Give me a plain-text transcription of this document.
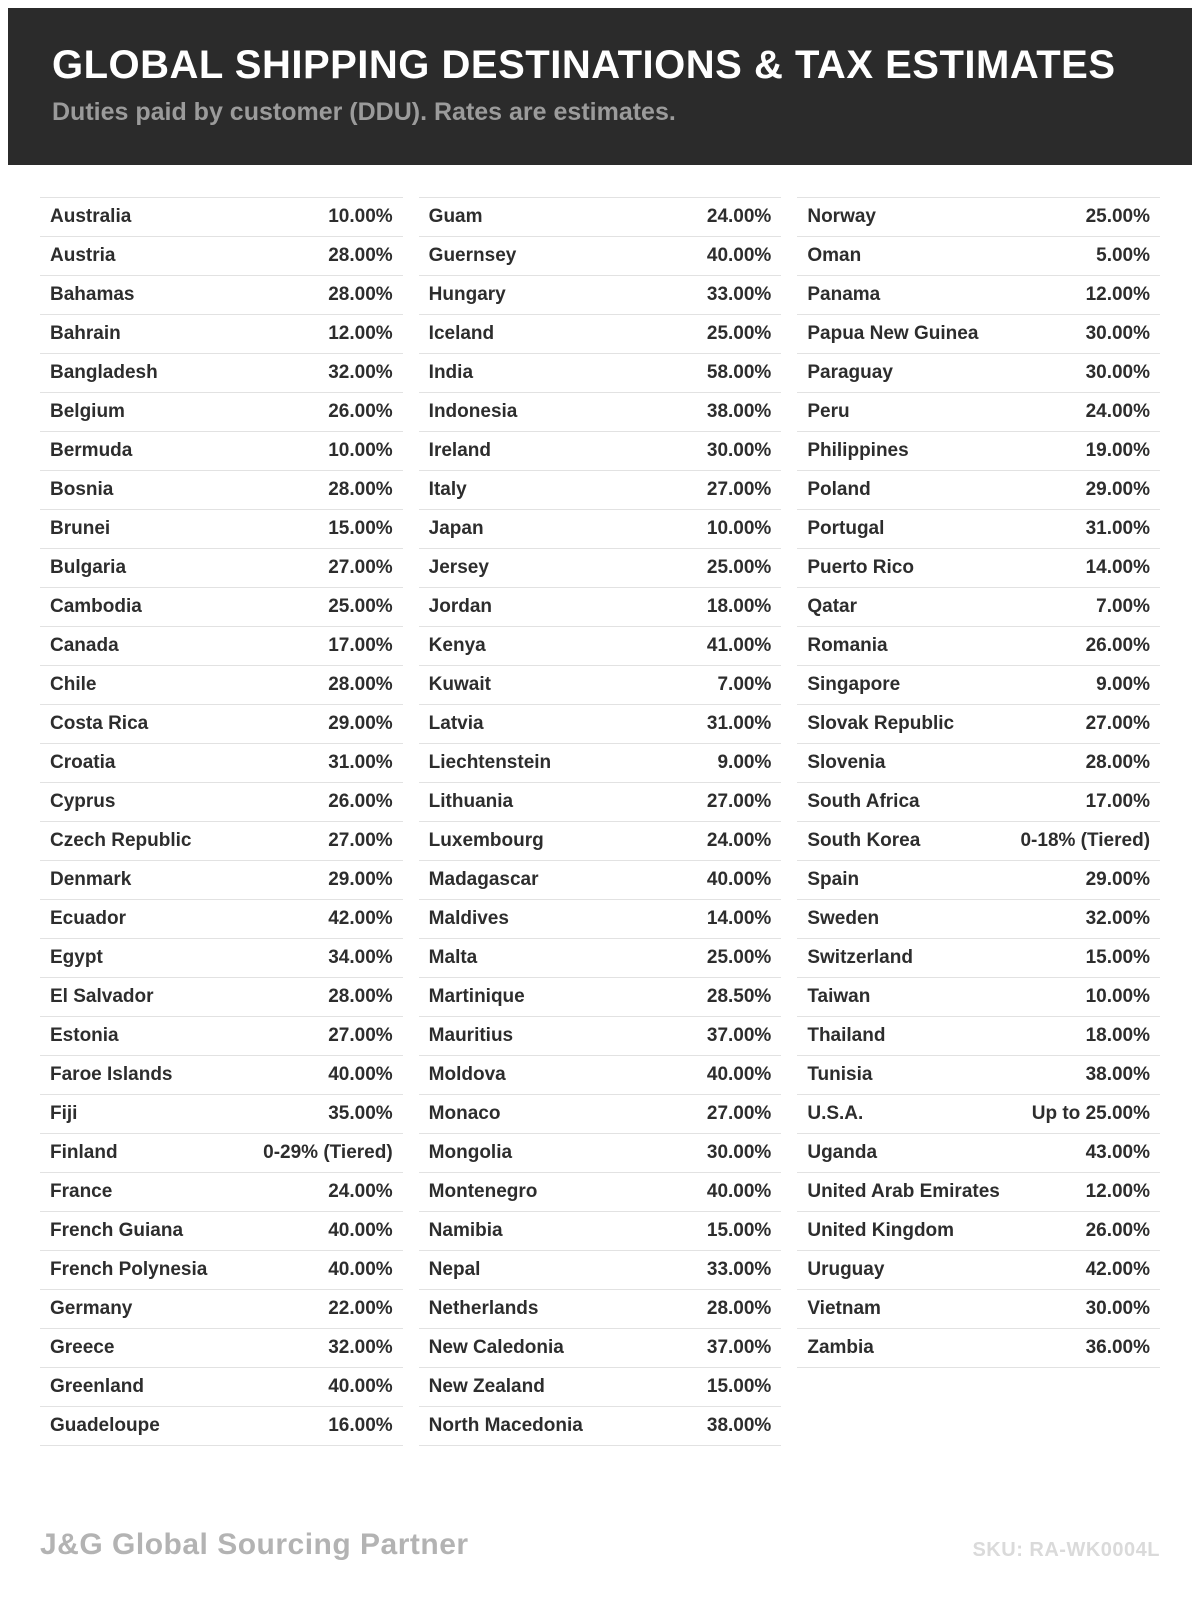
GLOBAL SHIPPING DESTINATIONS & TAX ESTIMATES

Duties paid by customer (DDU). Rates are estimates.

Australia	10.00%
Austria	28.00%
Bahamas	28.00%
Bahrain	12.00%
Bangladesh	32.00%
Belgium	26.00%
Bermuda	10.00%
Bosnia	28.00%
Brunei	15.00%
Bulgaria	27.00%
Cambodia	25.00%
Canada	17.00%
Chile	28.00%
Costa Rica	29.00%
Croatia	31.00%
Cyprus	26.00%
Czech Republic	27.00%
Denmark	29.00%
Ecuador	42.00%
Egypt	34.00%
El Salvador	28.00%
Estonia	27.00%
Faroe Islands	40.00%
Fiji	35.00%
Finland	0-29% (Tiered)
France	24.00%
French Guiana	40.00%
French Polynesia	40.00%
Germany	22.00%
Greece	32.00%
Greenland	40.00%
Guadeloupe	16.00%
Guam	24.00%
Guernsey	40.00%
Hungary	33.00%
Iceland	25.00%
India	58.00%
Indonesia	38.00%
Ireland	30.00%
Italy	27.00%
Japan	10.00%
Jersey	25.00%
Jordan	18.00%
Kenya	41.00%
Kuwait	7.00%
Latvia	31.00%
Liechtenstein	9.00%
Lithuania	27.00%
Luxembourg	24.00%
Madagascar	40.00%
Maldives	14.00%
Malta	25.00%
Martinique	28.50%
Mauritius	37.00%
Moldova	40.00%
Monaco	27.00%
Mongolia	30.00%
Montenegro	40.00%
Namibia	15.00%
Nepal	33.00%
Netherlands	28.00%
New Caledonia	37.00%
New Zealand	15.00%
North Macedonia	38.00%
Norway	25.00%
Oman	5.00%
Panama	12.00%
Papua New Guinea	30.00%
Paraguay	30.00%
Peru	24.00%
Philippines	19.00%
Poland	29.00%
Portugal	31.00%
Puerto Rico	14.00%
Qatar	7.00%
Romania	26.00%
Singapore	9.00%
Slovak Republic	27.00%
Slovenia	28.00%
South Africa	17.00%
South Korea	0-18% (Tiered)
Spain	29.00%
Sweden	32.00%
Switzerland	15.00%
Taiwan	10.00%
Thailand	18.00%
Tunisia	38.00%
U.S.A.	Up to 25.00%
Uganda	43.00%
United Arab Emirates	12.00%
United Kingdom	26.00%
Uruguay	42.00%
Vietnam	30.00%
Zambia	36.00%
J&G Global Sourcing Partner	SKU: RA-WK0004L
